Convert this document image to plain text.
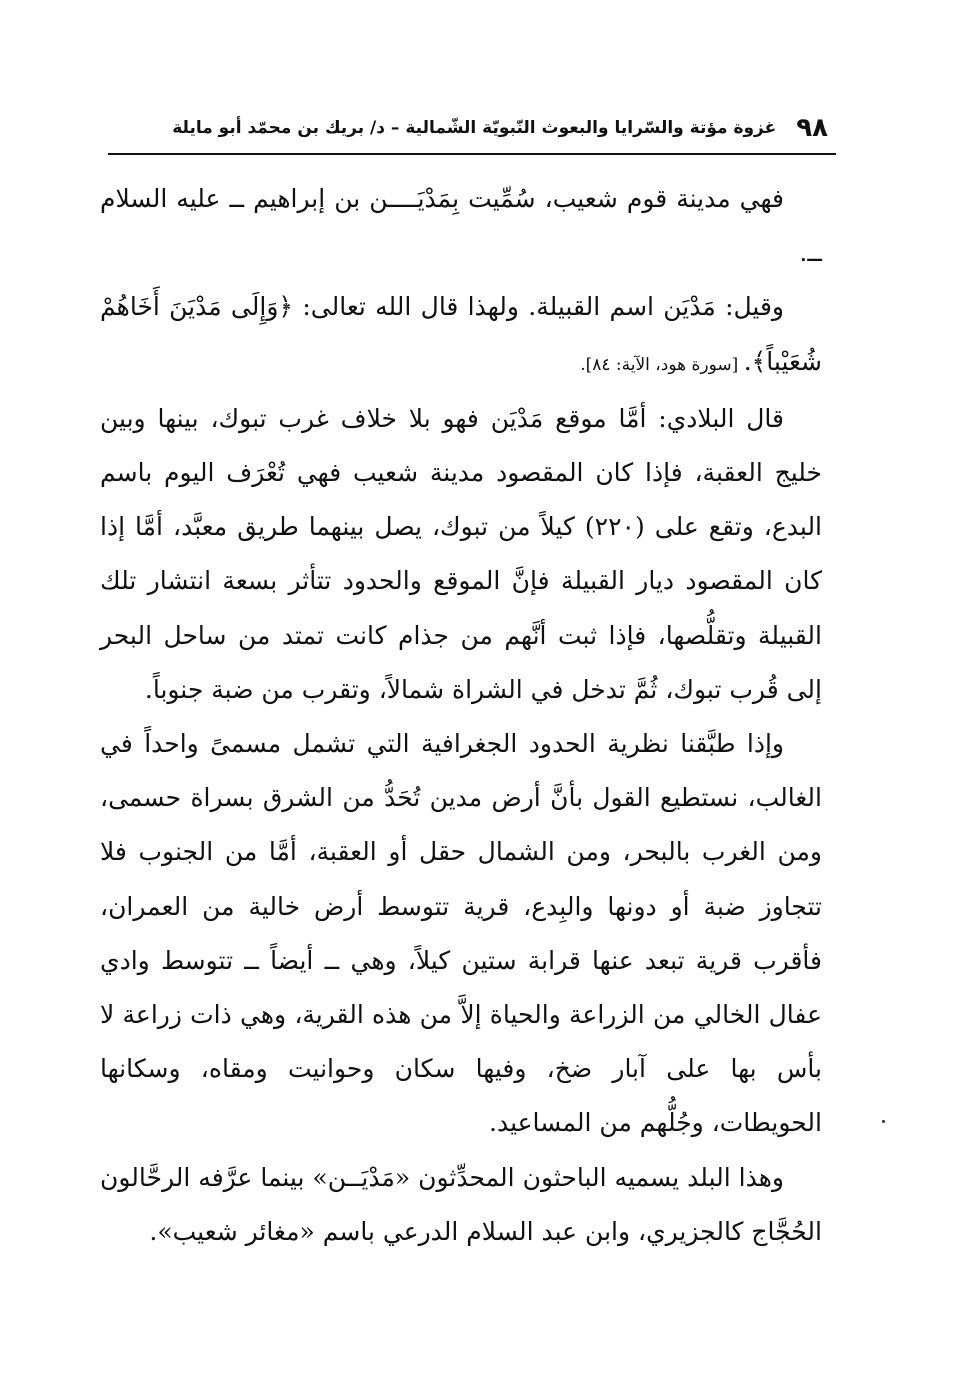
٩٨
غزوة مؤتة والسّرايا والبعوث النّبويّة الشّمالية – د/ بريك بن محمّد أبو مايلة

فهي مدينة قوم شعيب، سُمِّيت بِمَدْيَــــن بن إبراهيم ــ عليه السلام ــ.

وقيل: مَدْيَن اسم القبيلة. ولهذا قال الله تعالى: ﴿وَإِلَى مَدْيَنَ أَخَاهُمْ شُعَيْباً﴾. [سورة هود، الآية: ٨٤].

قال البلادي: أمَّا موقع مَدْيَن فهو بلا خلاف غرب تبوك، بينها وبين خليج العقبة، فإذا كان المقصود مدينة شعيب فهي تُعْرَف اليوم باسم البدع، وتقع على (٢٢٠) كيلاً من تبوك، يصل بينهما طريق معبَّد، أمَّا إذا كان المقصود ديار القبيلة فإنَّ الموقع والحدود تتأثر بسعة انتشار تلك القبيلة وتقلُّصها، فإذا ثبت أنَّهم من جذام كانت تمتد من ساحل البحر إلى قُرب تبوك، ثُمَّ تدخل في الشراة شمالاً، وتقرب من ضبة جنوباً.

وإذا طبَّقنا نظرية الحدود الجغرافية التي تشمل مسمىً واحداً في الغالب، نستطيع القول بأنَّ أرض مدين تُحَدُّ من الشرق بسراة حسمى، ومن الغرب بالبحر، ومن الشمال حقل أو العقبة، أمَّا من الجنوب فلا تتجاوز ضبة أو دونها والبِدع، قرية تتوسط أرض خالية من العمران، فأقرب قرية تبعد عنها قرابة ستين كيلاً، وهي ــ أيضاً ــ تتوسط وادي عفال الخالي من الزراعة والحياة إلاَّ من هذه القرية، وهي ذات زراعة لا بأس بها على آبار ضخ، وفيها سكان وحوانيت ومقاه، وسكانها الحويطات، وجُلُّهم من المساعيد.

وهذا البلد يسميه الباحثون المحدِّثون «مَدْيَــن» بينما عرَّفه الرحَّالون الحُجَّاج كالجزيري، وابن عبد السلام الدرعي باسم «مغائر شعيب».
